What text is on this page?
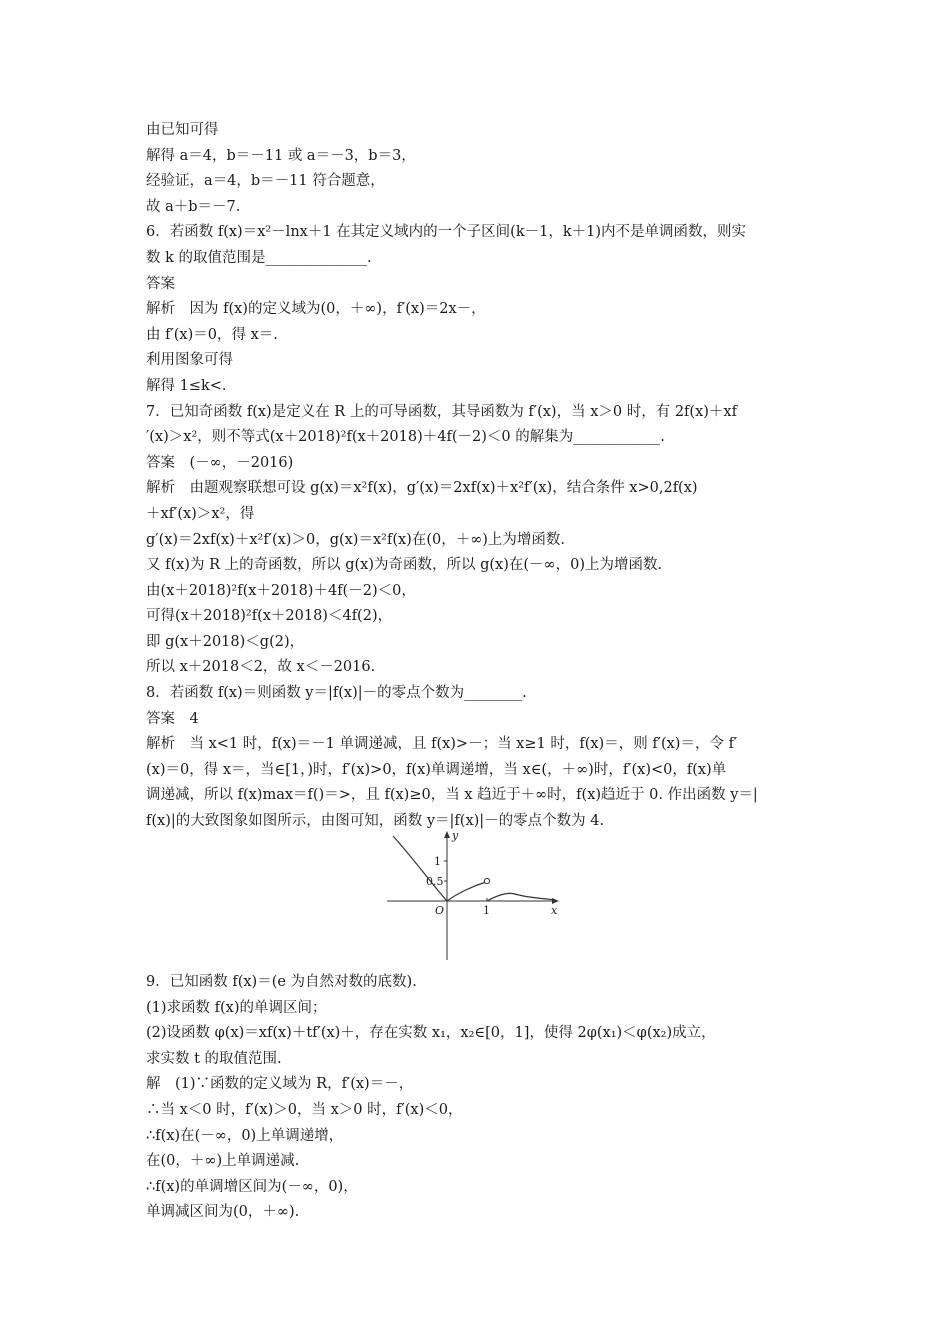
由已知可得
解得 a＝4，b＝－11 或 a＝－3，b＝3，
经验证，a＝4，b＝－11 符合题意，
故 a＋b＝－7.
6．若函数 f(x)＝x²－lnx＋1 在其定义域内的一个子区间(k－1，k＋1)内不是单调函数，则实
数 k 的取值范围是______________.
答案
解析　因为 f(x)的定义域为(0，＋∞)，f′(x)＝2x－，
由 f′(x)＝0，得 x＝.
利用图象可得
解得 1≤k<.
7．已知奇函数 f(x)是定义在 R 上的可导函数，其导函数为 f′(x)，当 x＞0 时，有 2f(x)＋xf
′(x)＞x²，则不等式(x＋2018)²f(x＋2018)＋4f(－2)＜0 的解集为____________.
答案　(－∞，－2016)
解析　由题观察联想可设 g(x)＝x²f(x)，g′(x)＝2xf(x)＋x²f′(x)，结合条件 x>0,2f(x)
＋xf′(x)＞x²，得
g′(x)＝2xf(x)＋x²f′(x)＞0，g(x)＝x²f(x)在(0，＋∞)上为增函数.
又 f(x)为 R 上的奇函数，所以 g(x)为奇函数，所以 g(x)在(－∞，0)上为增函数.
由(x＋2018)²f(x＋2018)＋4f(－2)＜0，
可得(x＋2018)²f(x＋2018)＜4f(2)，
即 g(x＋2018)＜g(2)，
所以 x＋2018＜2，故 x＜－2016.
8．若函数 f(x)＝则函数 y＝|f(x)|－的零点个数为________.
答案　4
解析　当 x<1 时，f(x)＝－1 单调递减，且 f(x)>－；当 x≥1 时，f(x)＝，则 f′(x)＝，令 f′
(x)＝0，得 x＝，当∈[1，)时，f′(x)>0，f(x)单调递增，当 x∈(，＋∞)时，f′(x)<0，f(x)单
调递减，所以 f(x)max＝f()＝>，且 f(x)≥0，当 x 趋近于＋∞时，f(x)趋近于 0. 作出函数 y＝|
f(x)|的大致图象如图所示，由图可知，函数 y＝|f(x)|－的零点个数为 4.
y
x
O
1
0.5
1
9．已知函数 f(x)＝(e 为自然对数的底数).
(1)求函数 f(x)的单调区间；
(2)设函数 φ(x)＝xf(x)＋tf′(x)＋，存在实数 x₁，x₂∈[0，1]，使得 2φ(x₁)＜φ(x₂)成立，
求实数 t 的取值范围.
解　(1)∵函数的定义域为 R，f′(x)＝－，
∴当 x＜0 时，f′(x)＞0，当 x＞0 时，f′(x)＜0，
∴f(x)在(－∞，0)上单调递增，
在(0，＋∞)上单调递减.
∴f(x)的单调增区间为(－∞，0)，
单调减区间为(0，＋∞).
